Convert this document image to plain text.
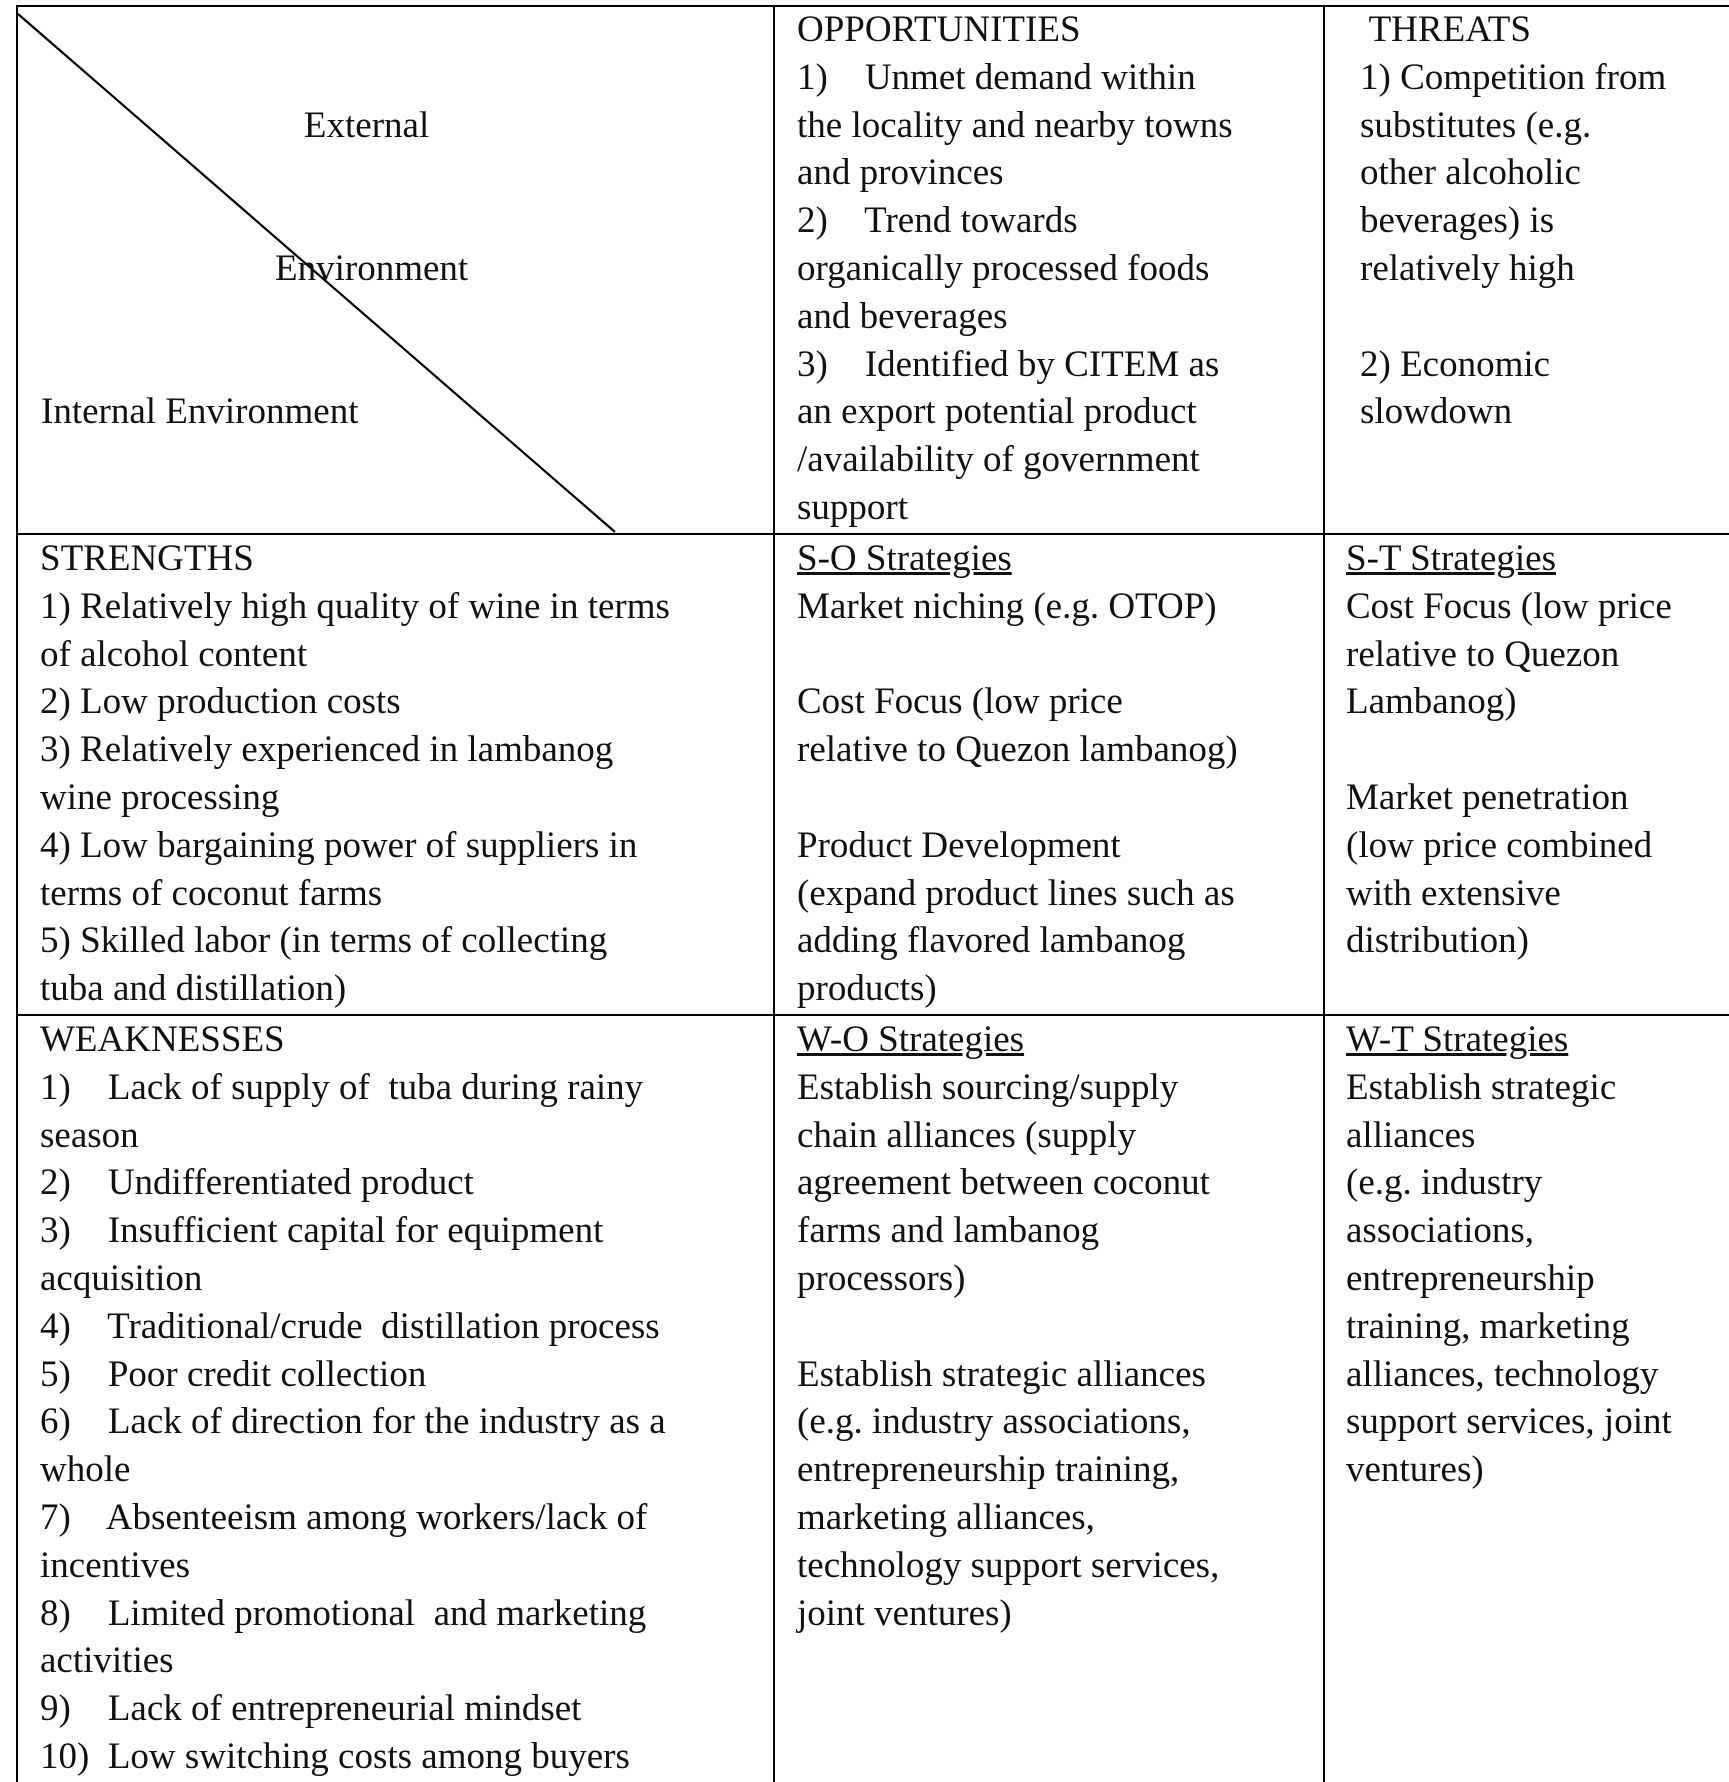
External

Environment

Internal Environment
OPPORTUNITIES
1)    Unmet demand within
the locality and nearby towns
and provinces
2)    Trend towards
organically processed foods
and beverages
3)    Identified by CITEM as
an export potential product
/availability of government
support
THREATS
1) Competition from
substitutes (e.g.
other alcoholic
beverages) is
relatively high
2) Economic
slowdown
STRENGTHS
1) Relatively high quality of wine in terms
of alcohol content
2) Low production costs
3) Relatively experienced in lambanog
wine processing
4) Low bargaining power of suppliers in
terms of coconut farms
5) Skilled labor (in terms of collecting
tuba and distillation)
S-O Strategies
Market niching (e.g. OTOP)
Cost Focus (low price
relative to Quezon lambanog)
Product Development
(expand product lines such as
adding flavored lambanog
products)
S-T Strategies
Cost Focus (low price
relative to Quezon
Lambanog)
Market penetration
(low price combined
with extensive
distribution)
WEAKNESSES
1)    Lack of supply of  tuba during rainy
season
2)    Undifferentiated product
3)    Insufficient capital for equipment
acquisition
4)    Traditional/crude  distillation process
5)    Poor credit collection
6)    Lack of direction for the industry as a
whole
7)    Absenteeism among workers/lack of
incentives
8)    Limited promotional  and marketing
activities
9)    Lack of entrepreneurial mindset
10)  Low switching costs among buyers
W-O Strategies
Establish sourcing/supply
chain alliances (supply
agreement between coconut
farms and lambanog
processors)
Establish strategic alliances
(e.g. industry associations,
entrepreneurship training,
marketing alliances,
technology support services,
joint ventures)
W-T Strategies
Establish strategic
alliances
(e.g. industry
associations,
entrepreneurship
training, marketing
alliances, technology
support services, joint
ventures)
